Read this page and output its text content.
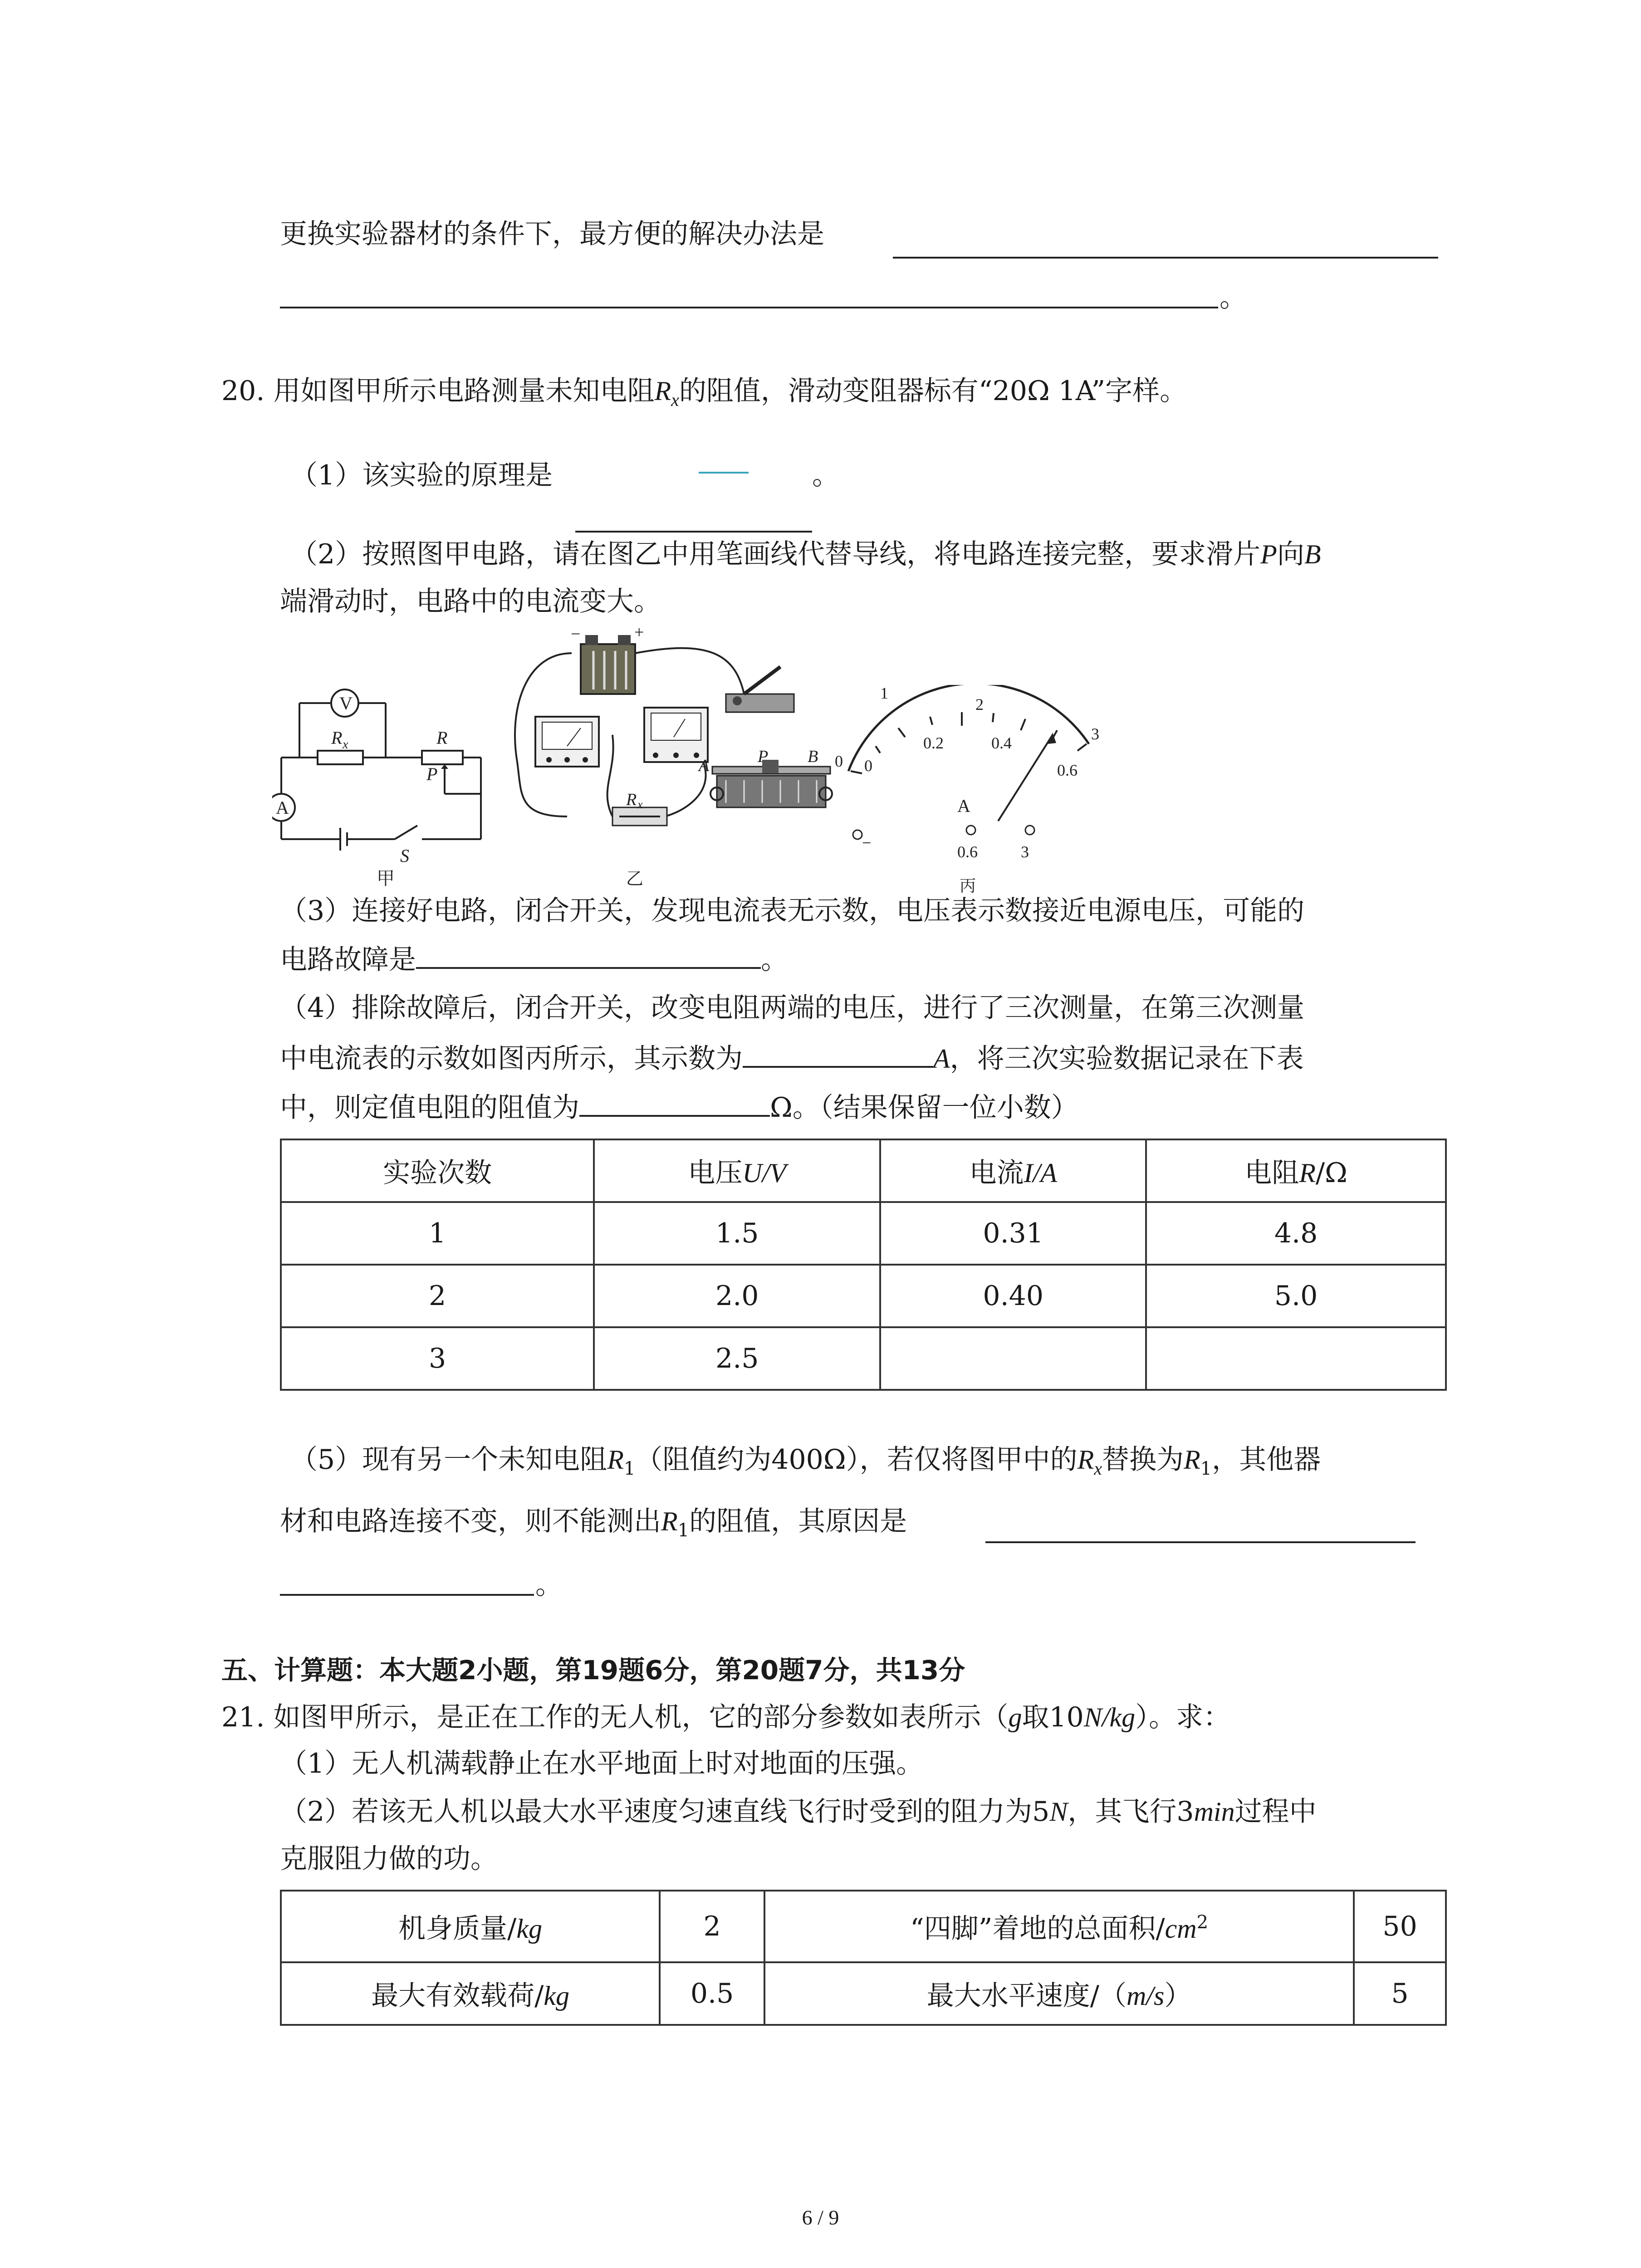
更换实验器材的条件下，最方便的解决办法是
。
20. 用如图甲所示电路测量未知电阻$R_x$的阻值，滑动变阻器标有“20Ω 1A”字样。
（1）该实验的原理是	。
（2）按照图甲电路，请在图乙中用笔画线代替导线，将电路连接完整，要求滑片P向B
端滑动时，电路中的电流变大。
V
A
R x	R
P
S
甲
−	+
A	P B
R x
乙
0
1
2
3
0
0.2	0.4
0.6
A
−	0.6	3
丙
（3）连接好电路，闭合开关，发现电流表无示数，电压表示数接近电源电压，可能的
电路故障是	。
（4）排除故障后，闭合开关，改变电阻两端的电压，进行了三次测量，在第三次测量
中电流表的示数如图丙所示，其示数为	A，将三次实验数据记录在下表
中，则定值电阻的阻值为	Ω。（结果保留一位小数）
实验次数	电压U/V	电流I/A	电阻R/Ω
1	1.5	0.31	4.8
2	2.0	0.40	5.0
3	2.5		
（5）现有另一个未知电阻$R_1$（阻值约为400Ω），若仅将图甲中的$R_x$替换为$R_1$，其他器
材和电路连接不变，则不能测出$R_1$的阻值，其原因是
。
五、计算题：本大题2小题，第19题6分，第20题7分，共13分
21. 如图甲所示，是正在工作的无人机，它的部分参数如表所示（g取10N/kg）。求：
（1）无人机满载静止在水平地面上时对地面的压强。
（2）若该无人机以最大水平速度匀速直线飞行时受到的阻力为5N，其飞行3min过程中
克服阻力做的功。
机身质量/kg	2	“四脚”着地的总面积$/cm^2$	50
最大有效载荷/kg	0.5	最大水平速度/（m/s）	5
6 / 9
